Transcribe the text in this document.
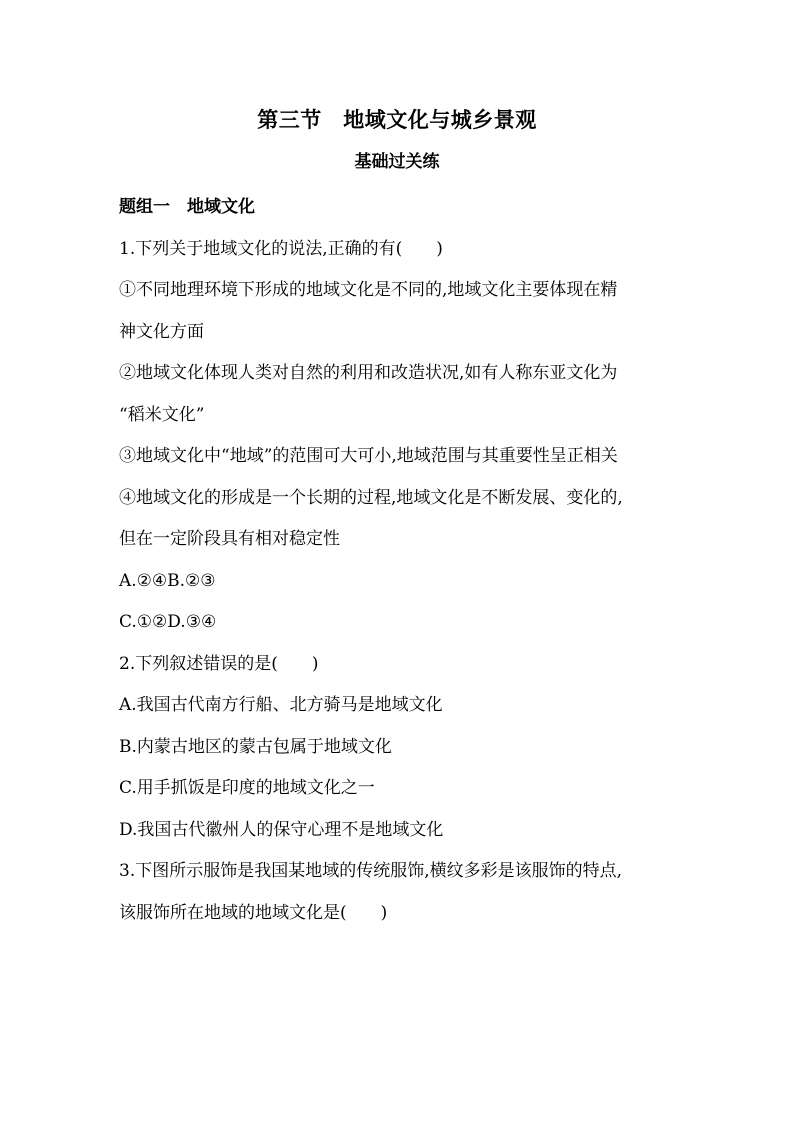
第三节　地域文化与城乡景观
基础过关练
题组一　地域文化
1.下列关于地域文化的说法,正确的有(　　)
①不同地理环境下形成的地域文化是不同的,地域文化主要体现在精
神文化方面
②地域文化体现人类对自然的利用和改造状况,如有人称东亚文化为
“稻米文化”
③地域文化中“地域”的范围可大可小,地域范围与其重要性呈正相关
④地域文化的形成是一个长期的过程,地域文化是不断发展、变化的,
但在一定阶段具有相对稳定性
A.②④B.②③
C.①②D.③④
2.下列叙述错误的是(　　)
A.我国古代南方行船、北方骑马是地域文化
B.内蒙古地区的蒙古包属于地域文化
C.用手抓饭是印度的地域文化之一
D.我国古代徽州人的保守心理不是地域文化
3.下图所示服饰是我国某地域的传统服饰,横纹多彩是该服饰的特点,
该服饰所在地域的地域文化是(　　)
